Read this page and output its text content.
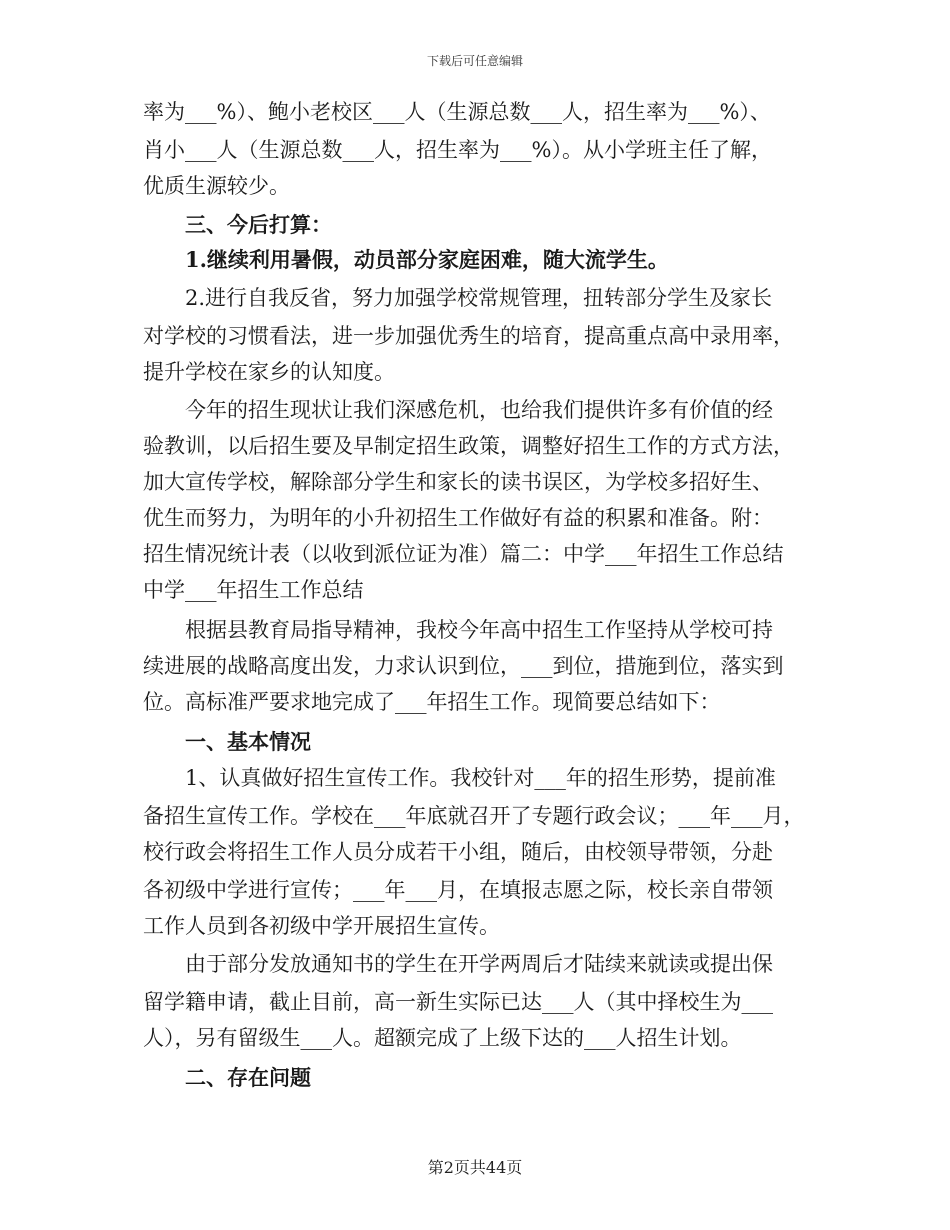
下载后可任意编辑
率为___%）、鲍小老校区___人（生源总数___人，招生率为___%）、
肖小___人（生源总数___人，招生率为___%）。从小学班主任了解，
优质生源较少。
　　三、今后打算：
　　1.继续利用暑假，动员部分家庭困难，随大流学生。
　　2.进行自我反省，努力加强学校常规管理，扭转部分学生及家长
对学校的习惯看法，进一步加强优秀生的培育，提高重点高中录用率，
提升学校在家乡的认知度。
　　今年的招生现状让我们深感危机，也给我们提供许多有价值的经
验教训，以后招生要及早制定招生政策，调整好招生工作的方式方法，
加大宣传学校，解除部分学生和家长的读书误区，为学校多招好生、
优生而努力，为明年的小升初招生工作做好有益的积累和准备。附：
招生情况统计表（以收到派位证为准）篇二：中学___年招生工作总结
中学___年招生工作总结
　　根据县教育局指导精神，我校今年高中招生工作坚持从学校可持
续进展的战略高度出发，力求认识到位，___到位，措施到位，落实到
位。高标准严要求地完成了___年招生工作。现简要总结如下：
　　一、基本情况
　　1、认真做好招生宣传工作。我校针对___年的招生形势，提前准
备招生宣传工作。学校在___年底就召开了专题行政会议；___年___月，
校行政会将招生工作人员分成若干小组，随后，由校领导带领，分赴
各初级中学进行宣传；___年___月，在填报志愿之际，校长亲自带领
工作人员到各初级中学开展招生宣传。
　　由于部分发放通知书的学生在开学两周后才陆续来就读或提出保
留学籍申请，截止目前，高一新生实际已达___人（其中择校生为___
人），另有留级生___人。超额完成了上级下达的___人招生计划。
　　二、存在问题
第2页共44页
